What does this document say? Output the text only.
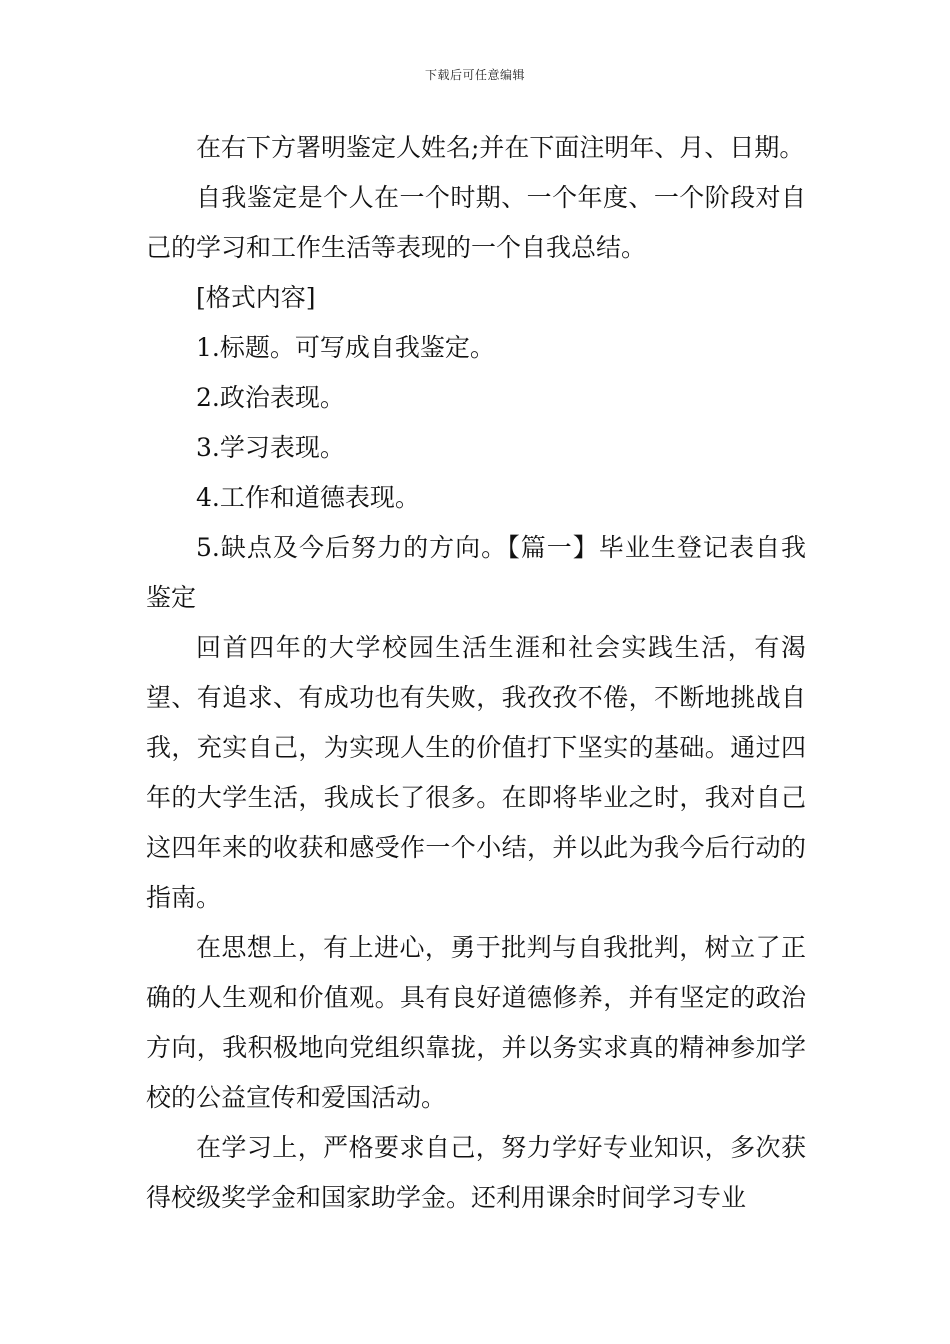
下载后可任意编辑

在右下方署明鉴定人姓名;并在下面注明年、月、日期。

自我鉴定是个人在一个时期、一个年度、一个阶段对自己的学习和工作生活等表现的一个自我总结。

[格式内容]

1.标题。可写成自我鉴定。

2.政治表现。

3.学习表现。

4.工作和道德表现。

5.缺点及今后努力的方向。【篇一】毕业生登记表自我鉴定

回首四年的大学校园生活生涯和社会实践生活，有渴望、有追求、有成功也有失败，我孜孜不倦，不断地挑战自我，充实自己，为实现人生的价值打下坚实的基础。通过四年的大学生活，我成长了很多。在即将毕业之时，我对自己这四年来的收获和感受作一个小结，并以此为我今后行动的指南。

在思想上，有上进心，勇于批判与自我批判，树立了正确的人生观和价值观。具有良好道德修养，并有坚定的政治方向，我积极地向党组织靠拢，并以务实求真的精神参加学校的公益宣传和爱国活动。

在学习上，严格要求自己，努力学好专业知识，多次获得校级奖学金和国家助学金。还利用课余时间学习专业
